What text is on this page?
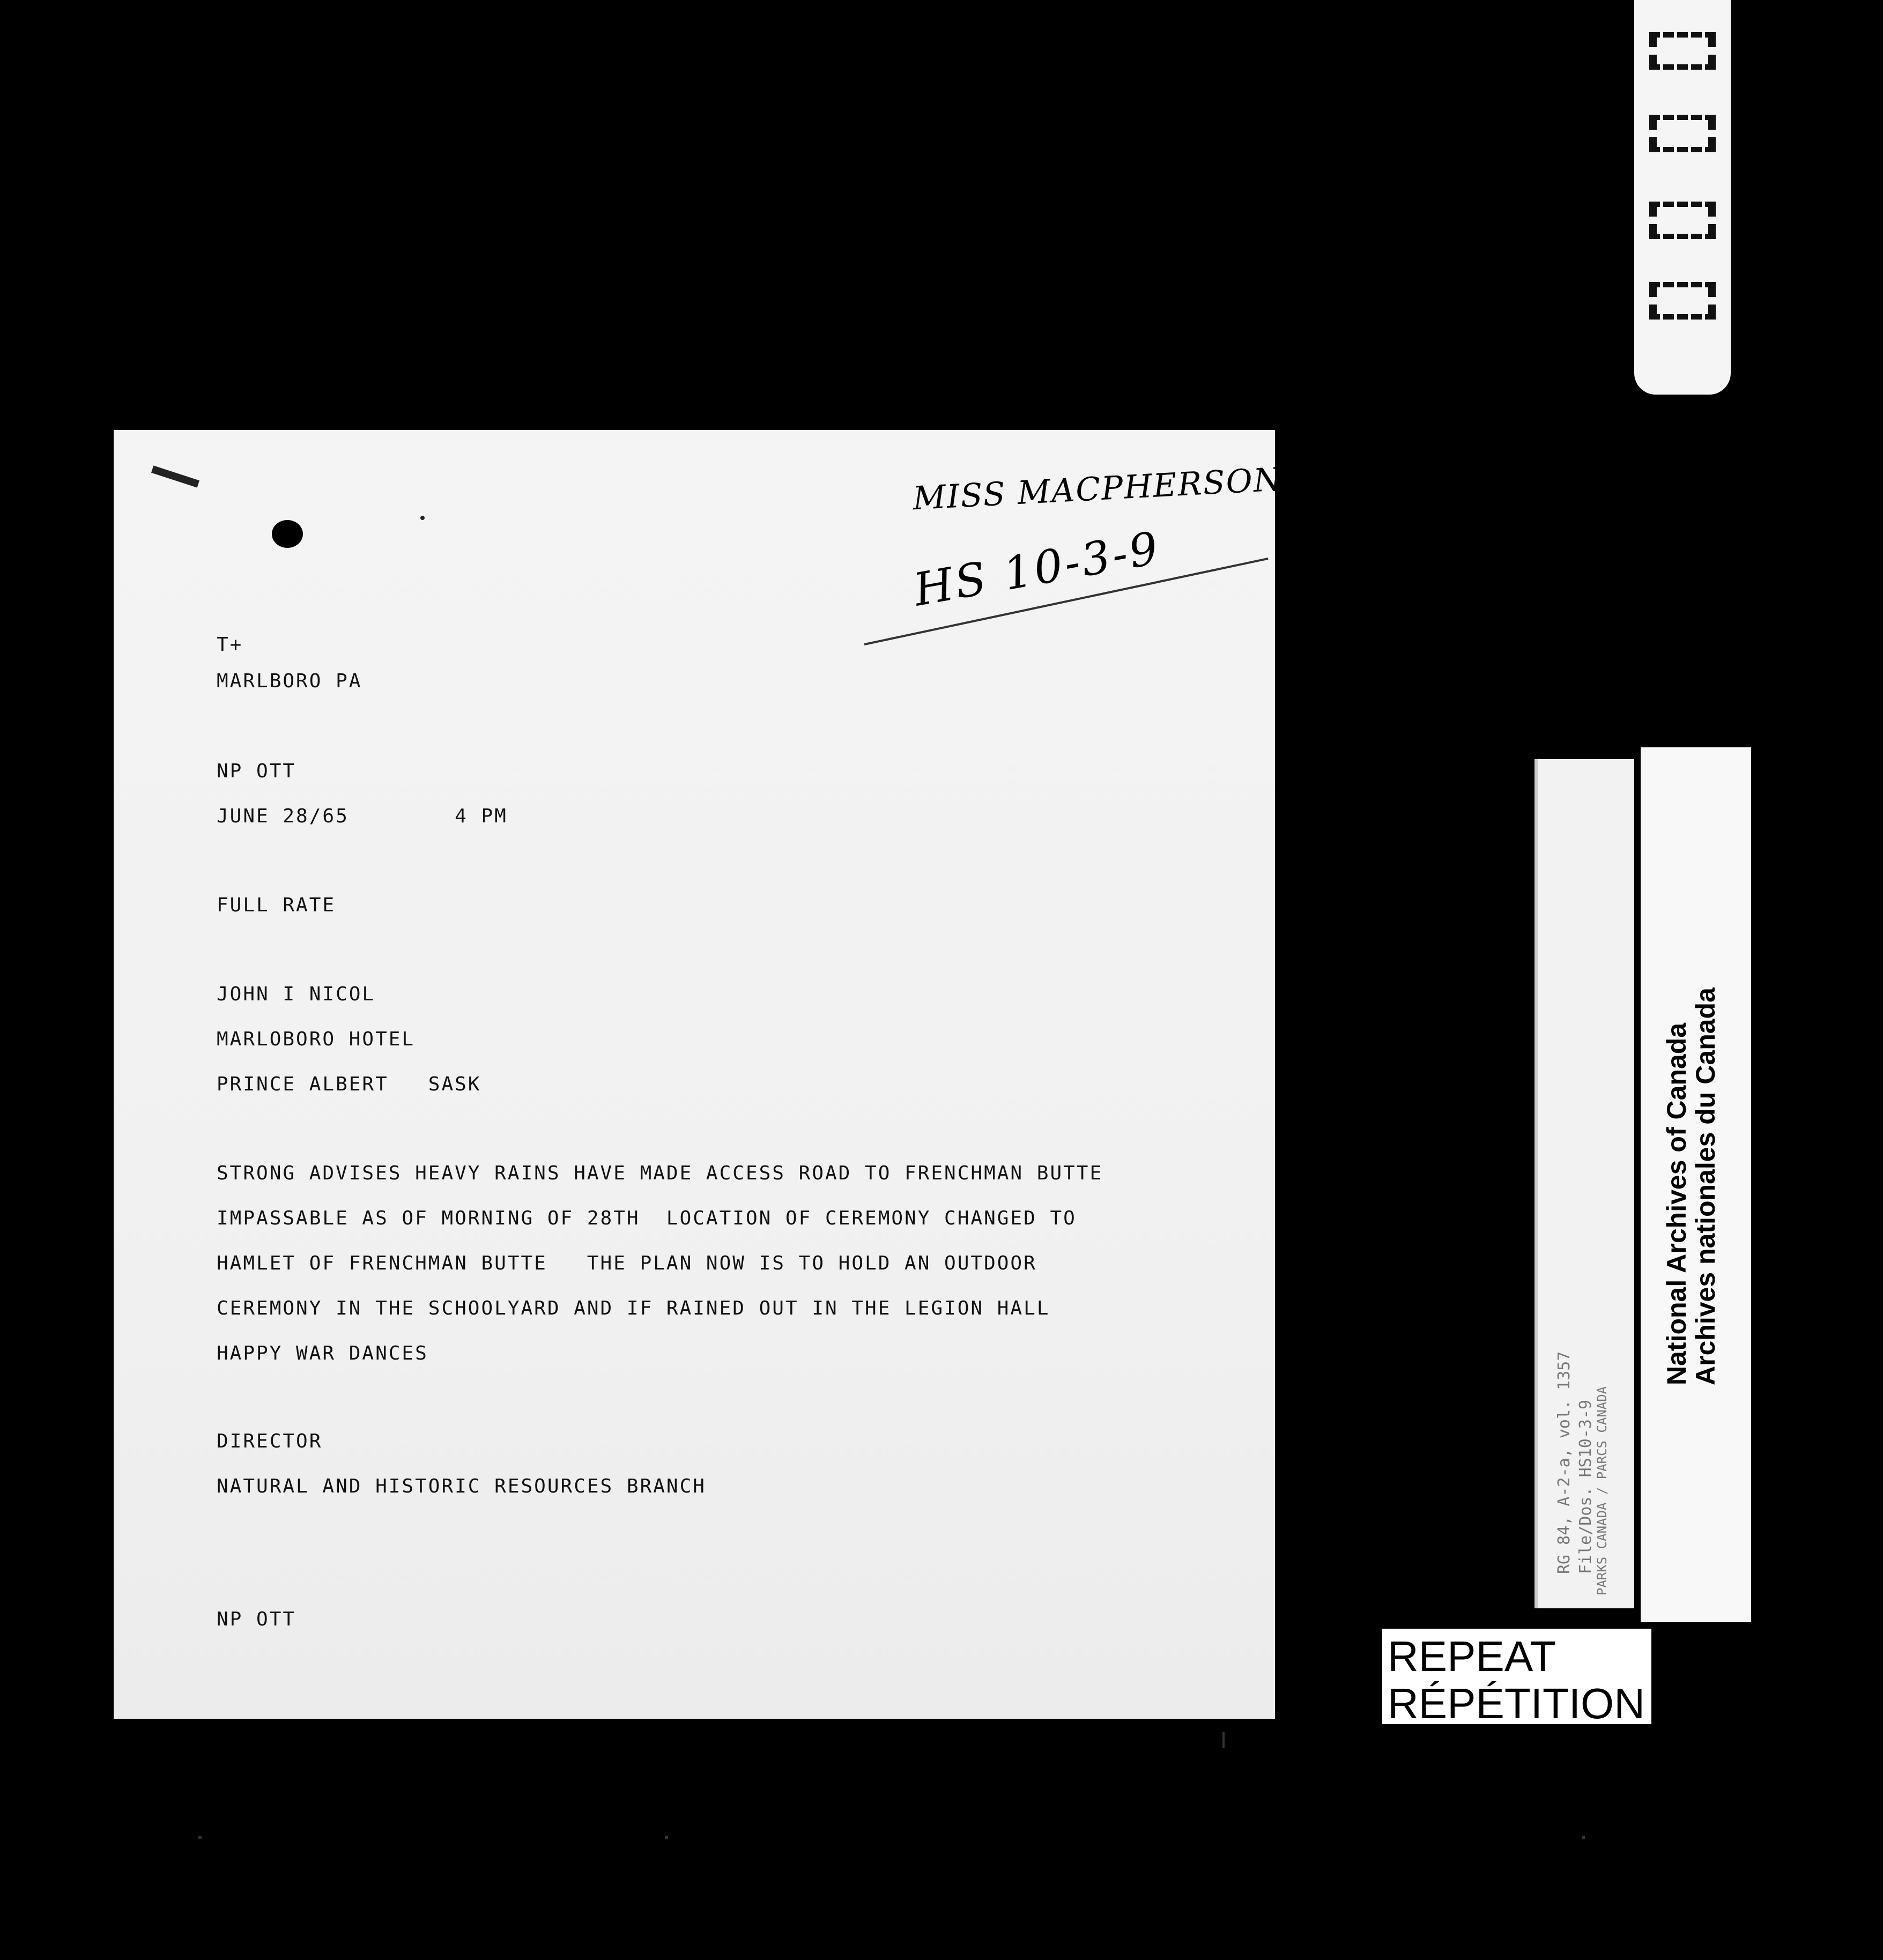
MISS MACPHERSON/MP
HS 10-3-9
T+
MARLBORO PA
NP OTT
JUNE 28/65        4 PM
FULL RATE
JOHN I NICOL
MARLOBORO HOTEL
PRINCE ALBERT   SASK
STRONG ADVISES HEAVY RAINS HAVE MADE ACCESS ROAD TO FRENCHMAN BUTTE
IMPASSABLE AS OF MORNING OF 28TH  LOCATION OF CEREMONY CHANGED TO
HAMLET OF FRENCHMAN BUTTE   THE PLAN NOW IS TO HOLD AN OUTDOOR
CEREMONY IN THE SCHOOLYARD AND IF RAINED OUT IN THE LEGION HALL
HAPPY WAR DANCES
DIRECTOR
NATURAL AND HISTORIC RESOURCES BRANCH
NP OTT
RG 84, A-2-a, vol. 1357 File/Dos. HS10-3-9 PARKS CANADA / PARCS CANADA
National Archives of Canada
Archives nationales du Canada
REPEAT
RÉPÉTITION
